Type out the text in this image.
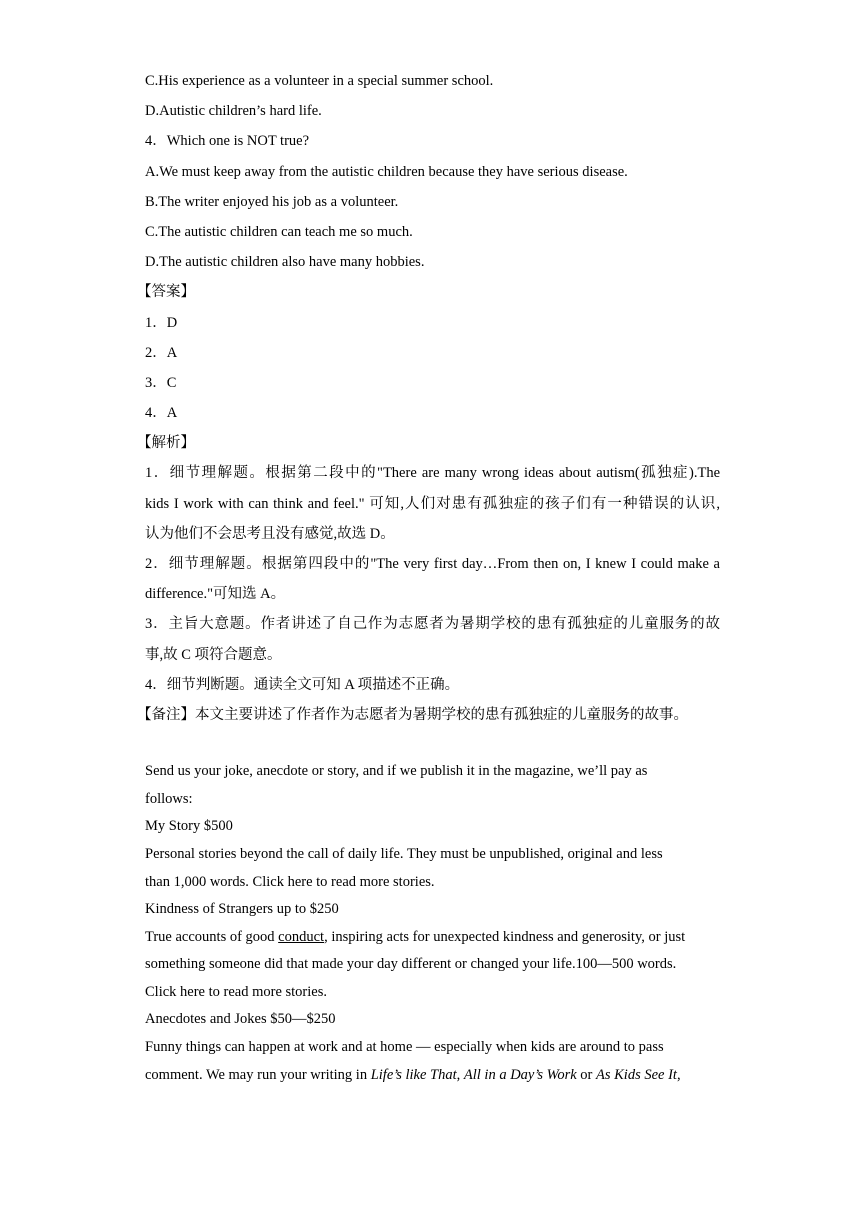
C.His experience as a volunteer in a special summer school.
D.Autistic children’s hard life.
4．Which one is NOT true?
A.We must keep away from the autistic children because they have serious disease.
B.The writer enjoyed his job as a volunteer.
C.The autistic children can teach me so much.
D.The autistic children also have many hobbies.
【答案】
1．D
2．A
3．C
4．A
【解析】
1．细节理解题。根据第二段中的"There are many wrong ideas about autism(孤独症).The
kids I work with can think and feel." 可知,人们对患有孤独症的孩子们有一种错误的认识,
认为他们不会思考且没有感觉,故选 D。
2．细节理解题。根据第四段中的"The very first day…From then on, I knew I could make a
difference."可知选 A。
3．主旨大意题。作者讲述了自己作为志愿者为暑期学校的患有孤独症的儿童服务的故
事,故 C 项符合题意。
4．细节判断题。通读全文可知 A 项描述不正确。
【备注】本文主要讲述了作者作为志愿者为暑期学校的患有孤独症的儿童服务的故事。
Send us your joke, anecdote or story, and if we publish it in the magazine, we’ll pay as
follows:
My Story $500
Personal stories beyond the call of daily life. They must be unpublished, original and less
than 1,000 words. Click here to read more stories.
Kindness of Strangers up to $250
True accounts of good conduct, inspiring acts for unexpected kindness and generosity, or just
something someone did that made your day different or changed your life.100—500 words.
Click here to read more stories.
Anecdotes and Jokes $50—$250
Funny things can happen at work and at home — especially when kids are around to pass
comment. We may run your writing in Life’s like That, All in a Day’s Work or As Kids See It,
